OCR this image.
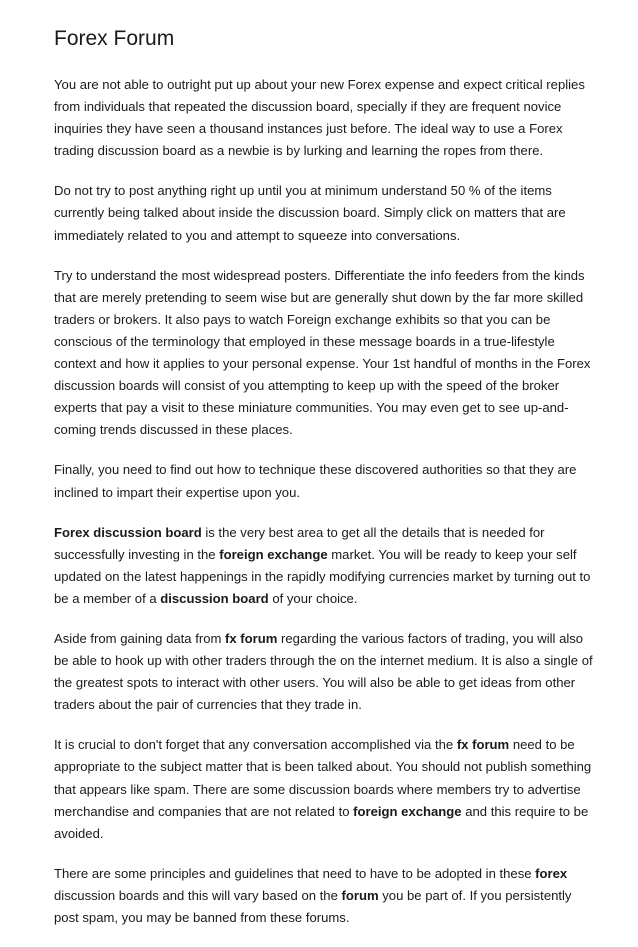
Forex Forum

You are not able to outright put up about your new Forex expense and expect critical replies from individuals that repeated the discussion board, specially if they are frequent novice inquiries they have seen a thousand instances just before. The ideal way to use a Forex trading discussion board as a newbie is by lurking and learning the ropes from there.

Do not try to post anything right up until you at minimum understand 50 % of the items currently being talked about inside the discussion board. Simply click on matters that are immediately related to you and attempt to squeeze into conversations.

Try to understand the most widespread posters. Differentiate the info feeders from the kinds that are merely pretending to seem wise but are generally shut down by the far more skilled traders or brokers. It also pays to watch Foreign exchange exhibits so that you can be conscious of the terminology that employed in these message boards in a true-lifestyle context and how it applies to your personal expense. Your 1st handful of months in the Forex discussion boards will consist of you attempting to keep up with the speed of the broker experts that pay a visit to these miniature communities. You may even get to see up-and-coming trends discussed in these places.

Finally, you need to find out how to technique these discovered authorities so that they are inclined to impart their expertise upon you.

Forex discussion board is the very best area to get all the details that is needed for successfully investing in the foreign exchange market. You will be ready to keep your self updated on the latest happenings in the rapidly modifying currencies market by turning out to be a member of a discussion board of your choice.

Aside from gaining data from fx forum regarding the various factors of trading, you will also be able to hook up with other traders through the on the internet medium. It is also a single of the greatest spots to interact with other users. You will also be able to get ideas from other traders about the pair of currencies that they trade in.

It is crucial to don't forget that any conversation accomplished via the fx forum need to be appropriate to the subject matter that is been talked about. You should not publish something that appears like spam. There are some discussion boards where members try to advertise merchandise and companies that are not related to foreign exchange and this require to be avoided.

There are some principles and guidelines that need to have to be adopted in these forex discussion boards and this will vary based on the forum you be part of. If you persistently post spam, you may be banned from these forums.
